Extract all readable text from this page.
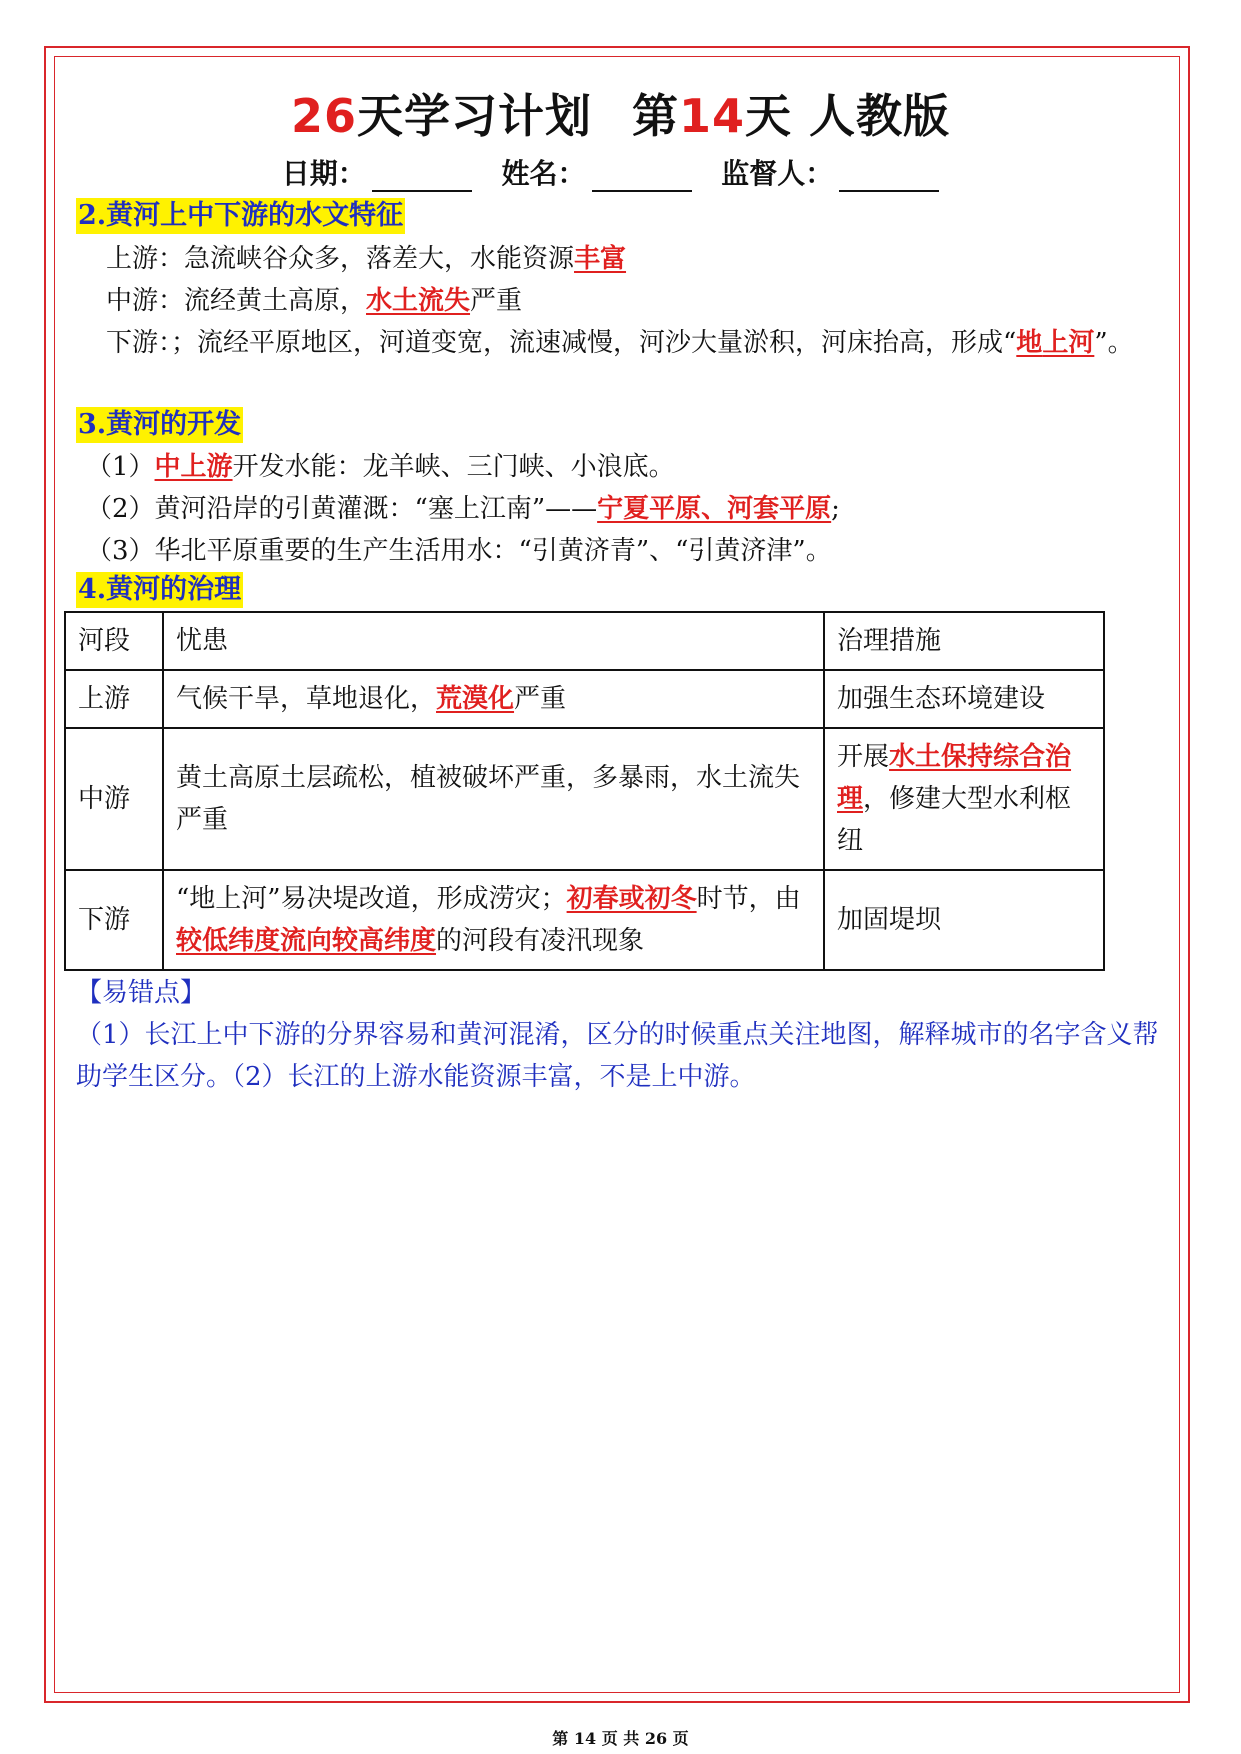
26天学习计划 第14天 人教版
日期：	姓名：	监督人：
2.黄河上中下游的水文特征
上游：急流峡谷众多，落差大，水能资源丰富
中游：流经黄土高原，水土流失严重
下游：；流经平原地区，河道变宽，流速减慢，河沙大量淤积，河床抬高，形成“地上河”。
3.黄河的开发
（1）中上游开发水能：龙羊峡、三门峡、小浪底。
（2）黄河沿岸的引黄灌溉：“塞上江南”——宁夏平原、河套平原;
（3）华北平原重要的生产生活用水：“引黄济青”、“引黄济津”。
4.黄河的治理
河段	忧患	治理措施
上游	气候干旱，草地退化，荒漠化严重	加强生态环境建设
中游	黄土高原土层疏松，植被破坏严重，多暴雨，水土流失严重	开展水土保持综合治理，修建大型水利枢纽
下游	“地上河”易决堤改道，形成涝灾；初春或初冬时节，由较低纬度流向较高纬度的河段有凌汛现象	加固堤坝
【易错点】
（1）长江上中下游的分界容易和黄河混淆，区分的时候重点关注地图，解释城市的名字含义帮助学生区分。（2）长江的上游水能资源丰富，不是上中游。
第 14 页 共 26 页
